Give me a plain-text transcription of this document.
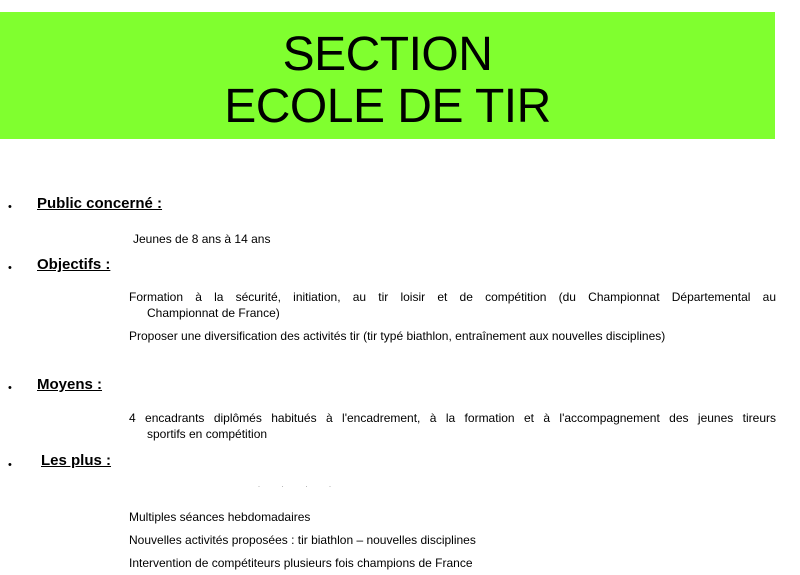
SECTION
ECOLE DE TIR
• Public concerné :
Jeunes de 8 ans à 14 ans
• Objectifs :
Formation à la sécurité, initiation, au tir loisir et de compétition (du Championnat Départemental au
Championnat de France)
Proposer une diversification des activités tir (tir typé biathlon, entraînement aux nouvelles disciplines)
• Moyens :
4 encadrants diplômés habitués à l'encadrement, à la formation et à l'accompagnement des jeunes tireurs
sportifs en compétition
• Les plus :
· · · ·
Multiples séances hebdomadaires
Nouvelles activités proposées : tir biathlon – nouvelles disciplines
Intervention de compétiteurs plusieurs fois champions de France
